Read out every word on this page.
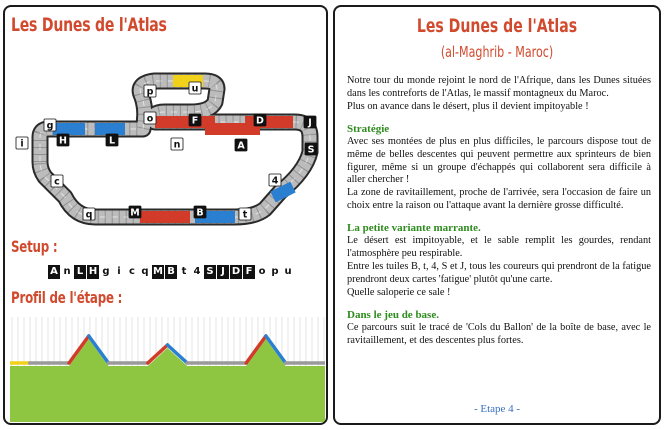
Les Dunes de l'Atlas
p	u
o	F	D	J
g
S
H	L	n	A
i
4
c
q	M	B	t
Setup :
A n L H g i c q M B t 4 S J D F o p u
Profil de l'étape :
Les Dunes de l'Atlas
(al-Maghrib - Maroc)

Notre tour du monde rejoint le nord de l'Afrique, dans les Dunes situées dans les contreforts de l'Atlas, le massif montagneux du Maroc.

Plus on avance dans le désert, plus il devient impitoyable !

Stratégie

Avec ses montées de plus en plus difficiles, le parcours dispose tout de même de belles descentes qui peuvent permettre aux sprinteurs de bien figurer, même si un groupe d'échappés qui collaborent sera difficile à aller chercher !

La zone de ravitaillement, proche de l'arrivée, sera l'occasion de faire un choix entre la raison ou l'attaque avant la dernière grosse difficulté.

La petite variante marrante.

Le désert est impitoyable, et le sable remplit les gourdes, rendant l'atmosphère peu respirable.

Entre les tuiles B, t, 4, S et J, tous les coureurs qui prendront de la fatigue prendront deux cartes 'fatigue' plutôt qu'une carte.

Quelle saloperie ce sale !

Dans le jeu de base.

Ce parcours suit le tracé de 'Cols du Ballon' de la boîte de base, avec le ravitaillement, et des descentes plus fortes.

- Etape 4 -
